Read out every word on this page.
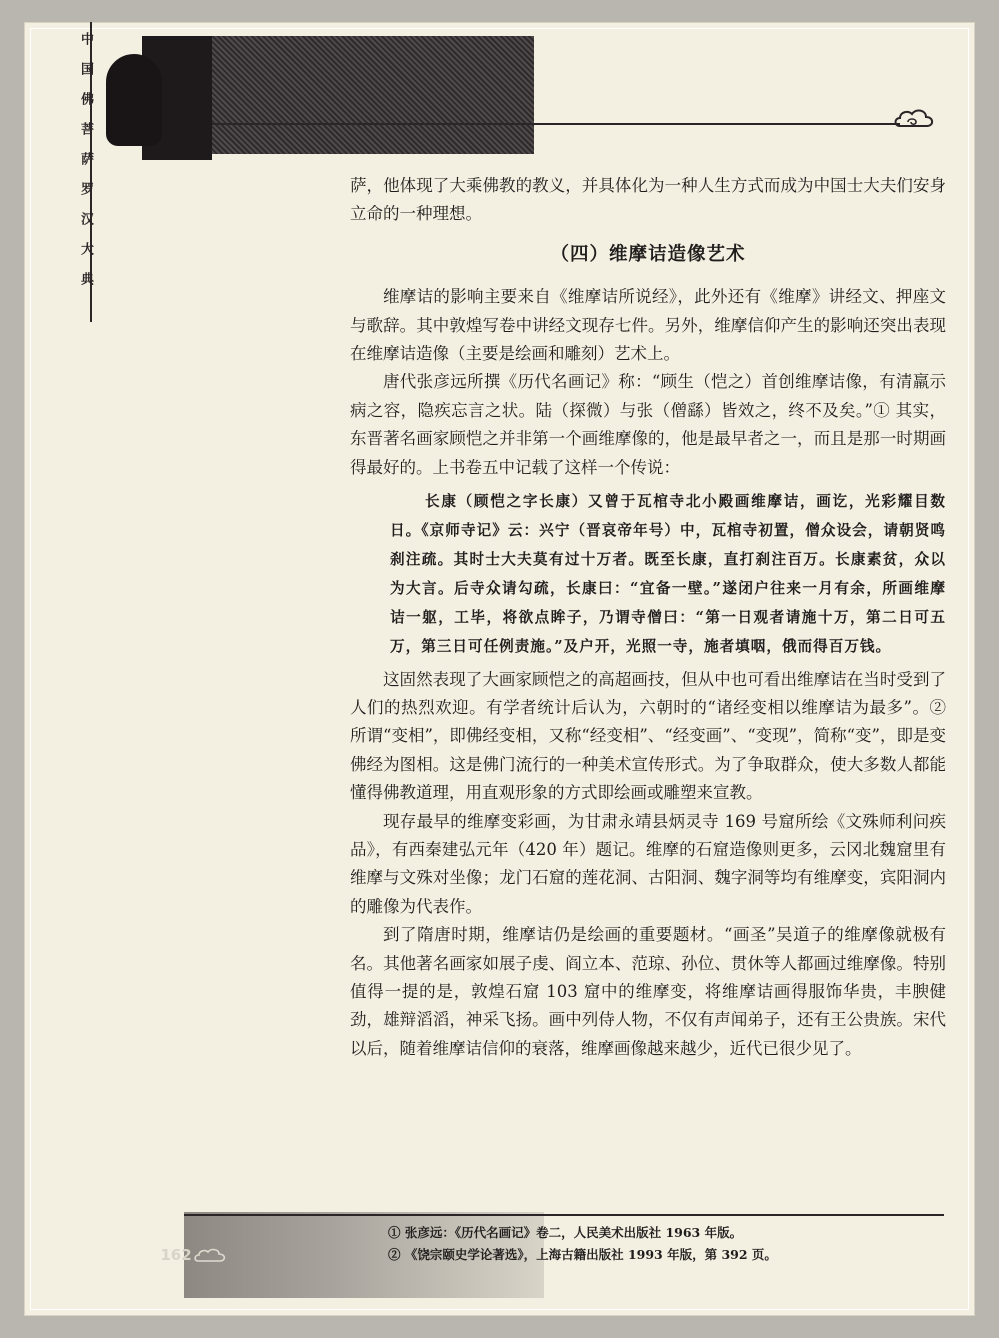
中国佛菩萨罗汉大典	萨，他体现了大乘佛教的教义，并具体化为一种人生方式而成为中国士大夫们安身立命的一种理想。

（四）维摩诘造像艺术

维摩诘的影响主要来自《维摩诘所说经》，此外还有《维摩》讲经文、押座文与歌辞。其中敦煌写卷中讲经文现存七件。另外，维摩信仰产生的影响还突出表现在维摩诘造像（主要是绘画和雕刻）艺术上。

唐代张彦远所撰《历代名画记》称：“顾生（恺之）首创维摩诘像，有清羸示病之容，隐疾忘言之状。陆（探微）与张（僧繇）皆效之，终不及矣。”① 其实，东晋著名画家顾恺之并非第一个画维摩像的，他是最早者之一，而且是那一时期画得最好的。上书卷五中记载了这样一个传说：

长康（顾恺之字长康）又曾于瓦棺寺北小殿画维摩诘，画讫，光彩耀目数日。《京师寺记》云：兴宁（晋哀帝年号）中，瓦棺寺初置，僧众设会，请朝贤鸣刹注疏。其时士大夫莫有过十万者。既至长康，直打刹注百万。长康素贫，众以为大言。后寺众请勾疏，长康曰：“宜备一壁。”遂闭户往来一月有余，所画维摩诘一躯，工毕，将欲点眸子，乃谓寺僧曰：“第一日观者请施十万，第二日可五万，第三日可任例责施。”及户开，光照一寺，施者填咽，俄而得百万钱。

这固然表现了大画家顾恺之的高超画技，但从中也可看出维摩诘在当时受到了人们的热烈欢迎。有学者统计后认为，六朝时的“诸经变相以维摩诘为最多”。② 所谓“变相”，即佛经变相，又称“经变相”、“经变画”、“变现”，简称“变”，即是变佛经为图相。这是佛门流行的一种美术宣传形式。为了争取群众，使大多数人都能懂得佛教道理，用直观形象的方式即绘画或雕塑来宣教。

现存最早的维摩变彩画，为甘肃永靖县炳灵寺 169 号窟所绘《文殊师利问疾品》，有西秦建弘元年（420 年）题记。维摩的石窟造像则更多，云冈北魏窟里有维摩与文殊对坐像；龙门石窟的莲花洞、古阳洞、魏字洞等均有维摩变，宾阳洞内的雕像为代表作。

到了隋唐时期，维摩诘仍是绘画的重要题材。“画圣”吴道子的维摩像就极有名。其他著名画家如展子虔、阎立本、范琼、孙位、贯休等人都画过维摩像。特别值得一提的是，敦煌石窟 103 窟中的维摩变，将维摩诘画得服饰华贵，丰腴健劲，雄辩滔滔，神采飞扬。画中列侍人物，不仅有声闻弟子，还有王公贵族。宋代以后，随着维摩诘信仰的衰落，维摩画像越来越少，近代已很少见了。

162
① 张彦远：《历代名画记》卷二，人民美术出版社 1963 年版。
② 《饶宗颐史学论著选》，上海古籍出版社 1993 年版，第 392 页。
